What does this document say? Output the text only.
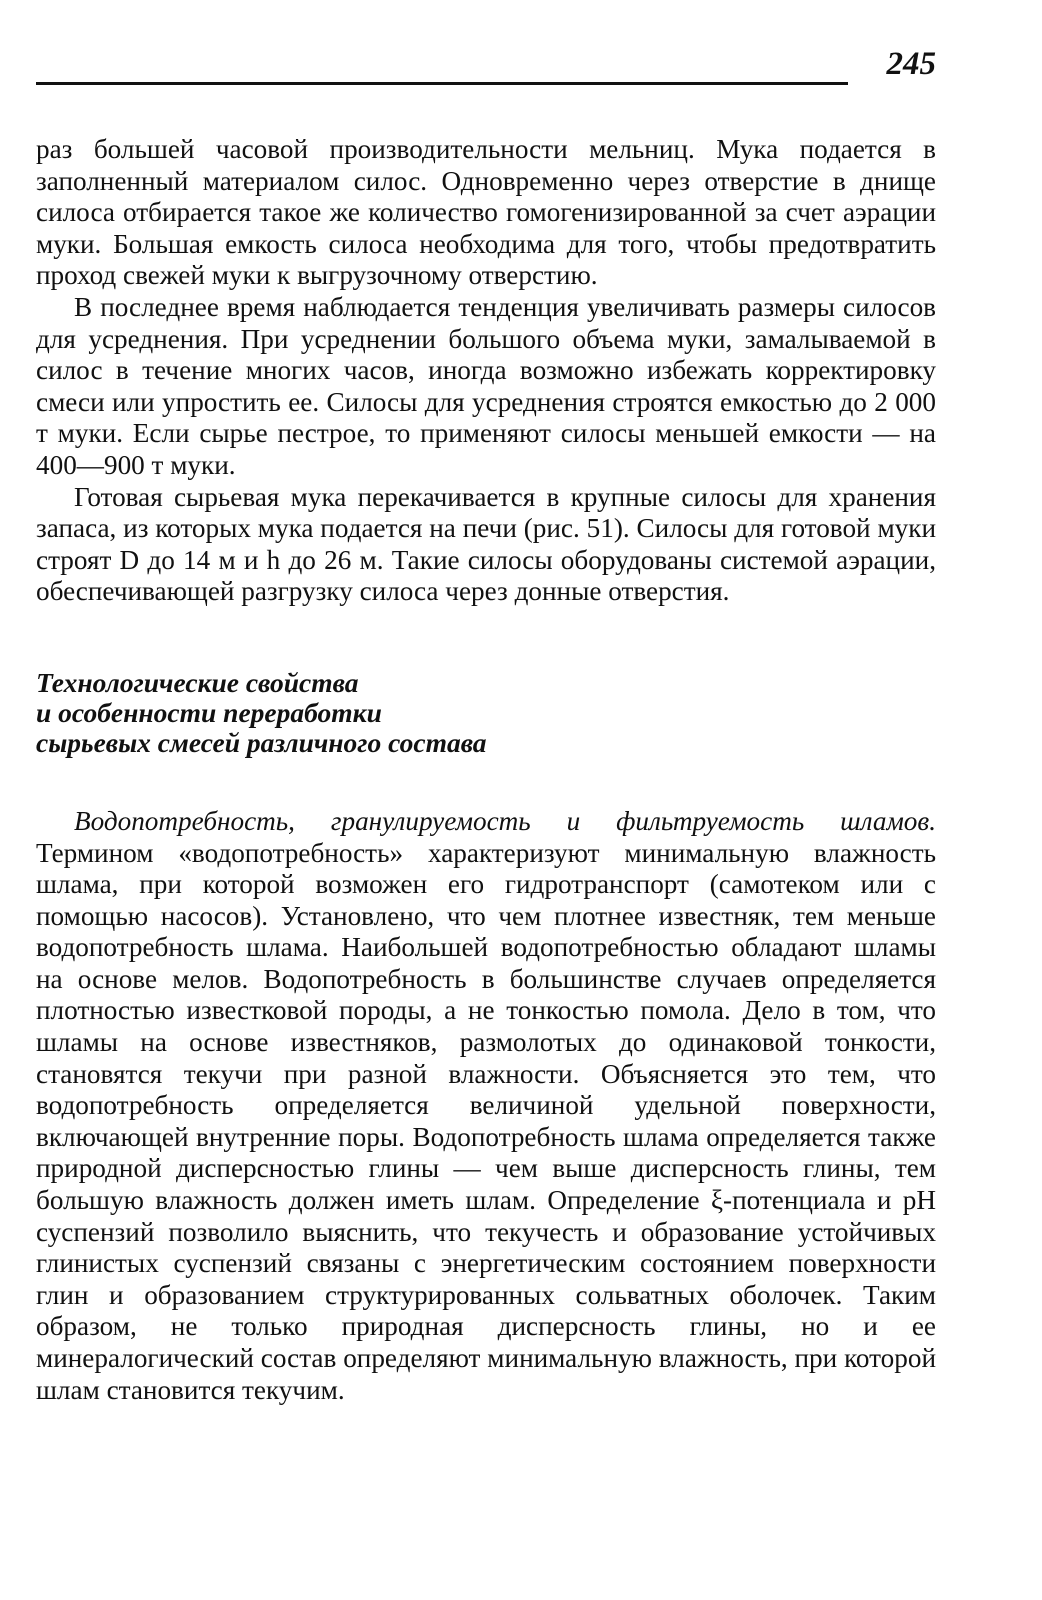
245

раз большей часовой производительности мельниц. Мука подается в заполненный материалом силос. Одновременно через отверстие в днище силоса отбирается такое же количество гомогенизированной за счет аэрации муки. Большая емкость силоса необходима для того, чтобы предотвратить проход свежей муки к выгрузочному отверстию.

В последнее время наблюдается тенденция увеличивать размеры силосов для усреднения. При усреднении большого объема муки, замалываемой в силос в течение многих часов, иногда возможно избежать корректировку смеси или упростить ее. Силосы для усреднения строятся емкостью до 2 000 т муки. Если сырье пестрое, то применяют силосы меньшей емкости — на 400—900 т муки.

Готовая сырьевая мука перекачивается в крупные силосы для хранения запаса, из которых мука подается на печи (рис. 51). Силосы для готовой муки строят D до 14 м и h до 26 м. Такие силосы оборудованы системой аэрации, обеспечивающей разгрузку силоса через донные отверстия.

Технологические свойства
и особенности переработки
сырьевых смесей различного состава

Водопотребность, гранулируемость и фильтруемость шламов. Термином «водопотребность» характеризуют минимальную влажность шлама, при которой возможен его гидротранспорт (самотеком или с помощью насосов). Установлено, что чем плотнее известняк, тем меньше водопотребность шлама. Наибольшей водопотребностью обладают шламы на основе мелов. Водопотребность в большинстве случаев определяется плотностью известковой породы, а не тонкостью помола. Дело в том, что шламы на основе известняков, размолотых до одинаковой тонкости, становятся текучи при разной влажности. Объясняется это тем, что водопотребность определяется величиной удельной поверхности, включающей внутренние поры. Водопотребность шлама определяется также природной дисперсностью глины — чем выше дисперсность глины, тем большую влажность должен иметь шлам. Определение ξ-потенциала и pH суспензий позволило выяснить, что текучесть и образование устойчивых глинистых суспензий связаны с энергетическим состоянием поверхности глин и образованием структурированных сольватных оболочек. Таким образом, не только природная дисперсность глины, но и ее минералогический состав определяют минимальную влажность, при которой шлам становится текучим.
